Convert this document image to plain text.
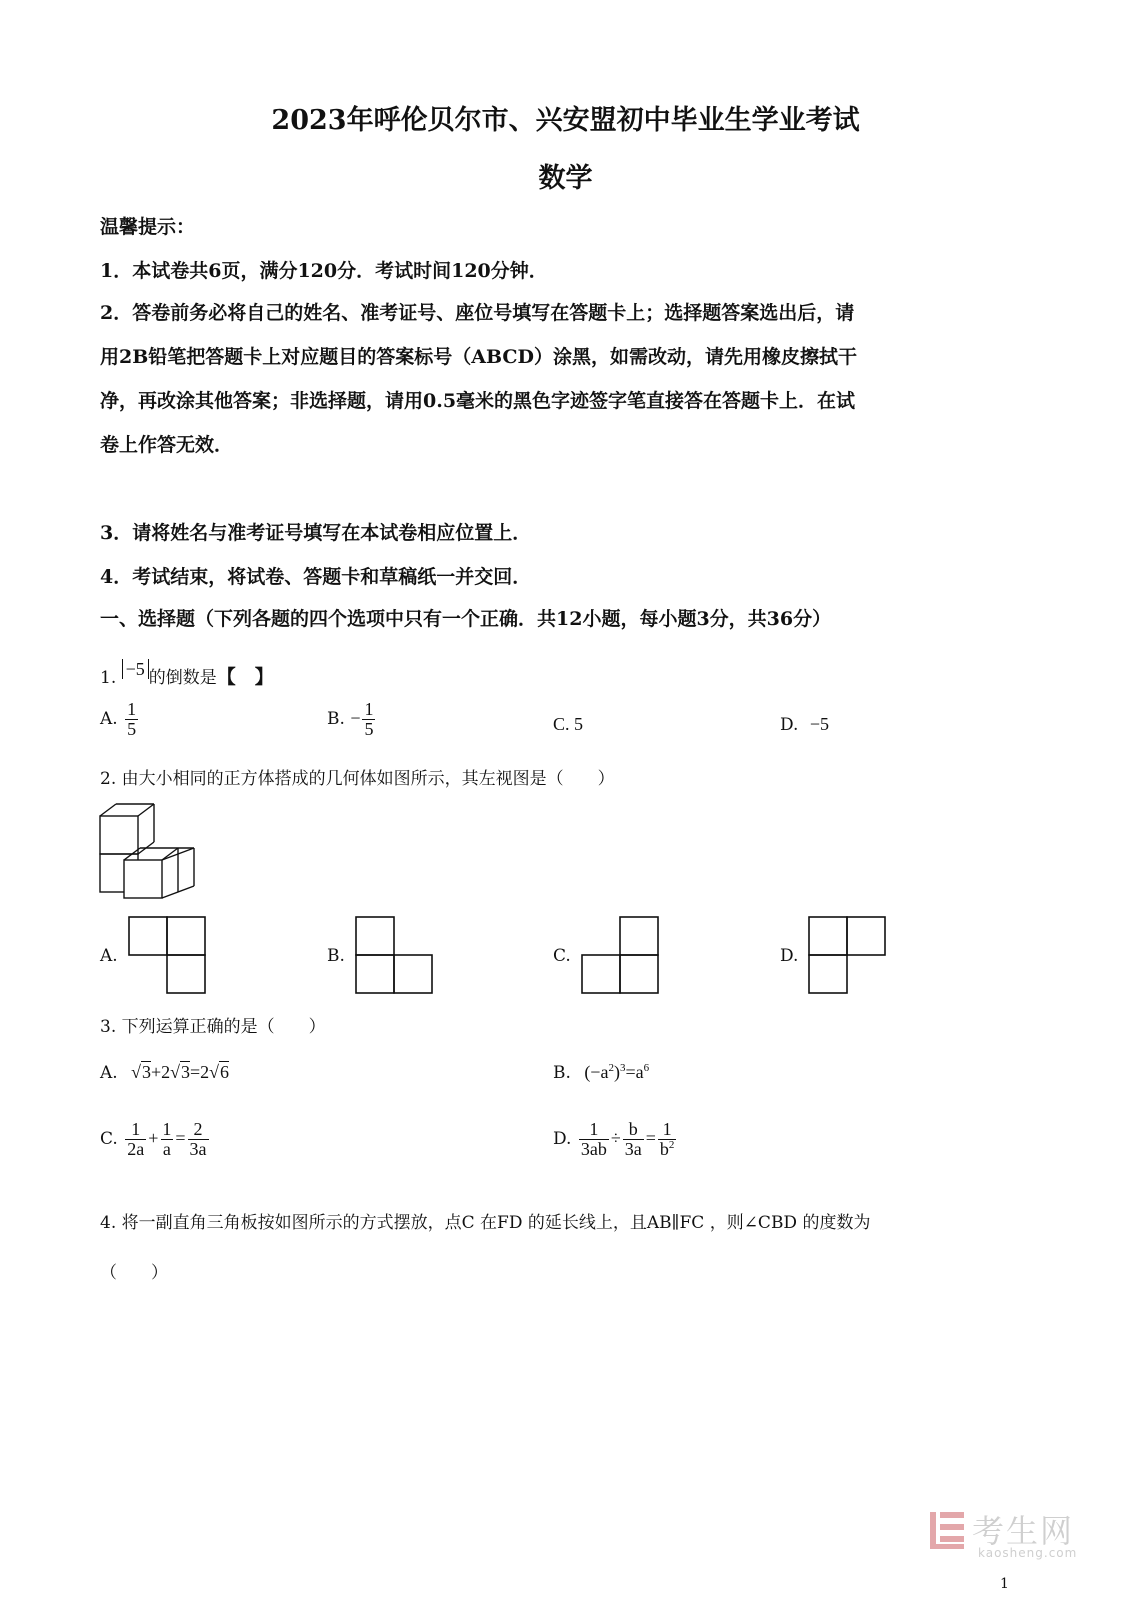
2023年呼伦贝尔市、兴安盟初中毕业生学业考试
数学
温馨提示：
1．本试卷共6页，满分120分．考试时间120分钟．
2．答卷前务必将自己的姓名、准考证号、座位号填写在答题卡上；选择题答案选出后，请
用2B铅笔把答题卡上对应题目的答案标号（ABCD）涂黑，如需改动，请先用橡皮擦拭干
净，再改涂其他答案；非选择题，请用0.5毫米的黑色字迹签字笔直接答在答题卡上．在试
卷上作答无效．
3．请将姓名与准考证号填写在本试卷相应位置上．
4．考试结束，将试卷、答题卡和草稿纸一并交回．
一、选择题（下列各题的四个选项中只有一个正确．共12小题，每小题3分，共36分）
1. −5 的倒数是【　】
A. $\frac{1}{5}$	B. − $\frac{1}{5}$	C. 5	D. −5
2. 由大小相同的正方体搭成的几何体如图所示，其左视图是（　　）
A.	B.	C.	D.
3. 下列运算正确的是（　　）
A. √3+2√3=2√6	B. $(-a^2)^3=a^6$
C. $\frac{1}{2a} + \frac{1}{a} = \frac{2}{3a}$	D. $\frac{1}{3ab} \div \frac{b}{3a} = \frac{1}{b^2}$
4. 将一副直角三角板按如图所示的方式摆放，点C 在FD 的延长线上，且AB∥FC ，则∠CBD 的度数为
（　　）
考生网
kaosheng.com
1
